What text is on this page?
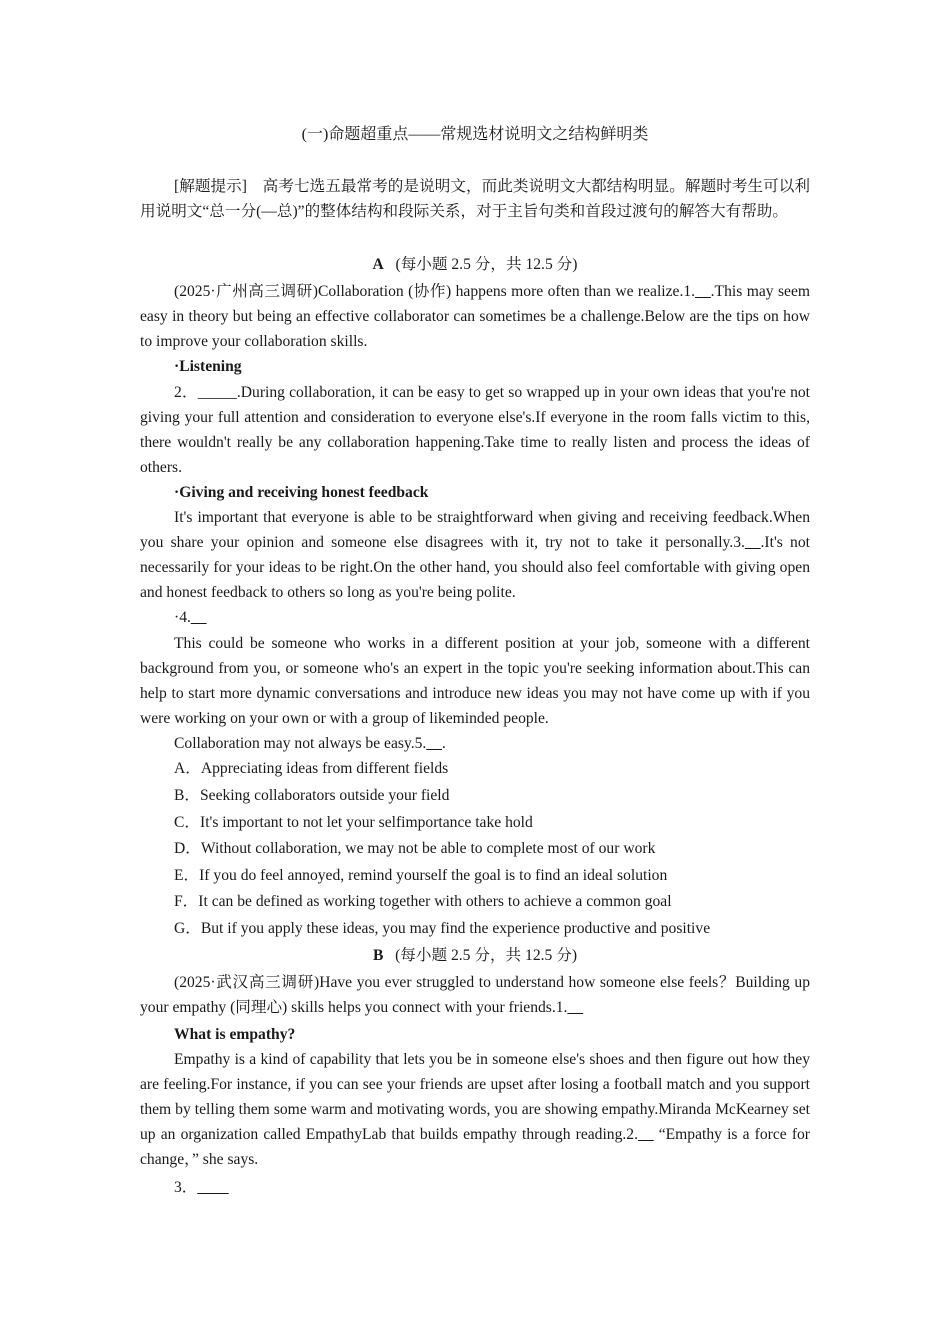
(一)命题超重点——常规选材说明文之结构鲜明类

[解题提示]　高考七选五最常考的是说明文，而此类说明文大都结构明显。解题时考生可以利用说明文“总一分(—总)”的整体结构和段际关系，对于主旨句类和首段过渡句的解答大有帮助。

A (每小题 2.5 分，共 12.5 分)

(2025·广州高三调研)Collaboration (协作) happens more often than we realize.1.__.This may seem easy in theory but being an effective collaborator can sometimes be a challenge.Below are the tips on how to improve your collaboration skills.

·Listening

2．_____.During collaboration, it can be easy to get so wrapped up in your own ideas that you're not giving your full attention and consideration to everyone else's.If everyone in the room falls victim to this, there wouldn't really be any collaboration happening.Take time to really listen and process the ideas of others.

·Giving and receiving honest feedback

It's important that everyone is able to be straightforward when giving and receiving feedback.When you share your opinion and someone else disagrees with it, try not to take it personally.3.__.It's not necessarily for your ideas to be right.On the other hand, you should also feel comfortable with giving open and honest feedback to others so long as you're being polite.

·4.__

This could be someone who works in a different position at your job, someone with a different background from you, or someone who's an expert in the topic you're seeking information about.This can help to start more dynamic conversations and introduce new ideas you may not have come up with if you were working on your own or with a group of likeminded people.

Collaboration may not always be easy.5.__.

A．Appreciating ideas from different fields
B．Seeking collaborators outside your field
C．It's important to not let your selfimportance take hold
D．Without collaboration, we may not be able to complete most of our work
E．If you do feel annoyed, remind yourself the goal is to find an ideal solution
F．It can be defined as working together with others to achieve a common goal
G．But if you apply these ideas, you may find the experience productive and positive

B (每小题 2.5 分，共 12.5 分)

(2025·武汉高三调研)Have you ever struggled to understand how someone else feels？Building up your empathy (同理心) skills helps you connect with your friends.1.__

What is empathy?

Empathy is a kind of capability that lets you be in someone else's shoes and then figure out how they are feeling.For instance, if you can see your friends are upset after losing a football match and you support them by telling them some warm and motivating words, you are showing empathy.Miranda McKearney set up an organization called EmpathyLab that builds empathy through reading.2.__ “Empathy is a force for change，” she says.

3．____
